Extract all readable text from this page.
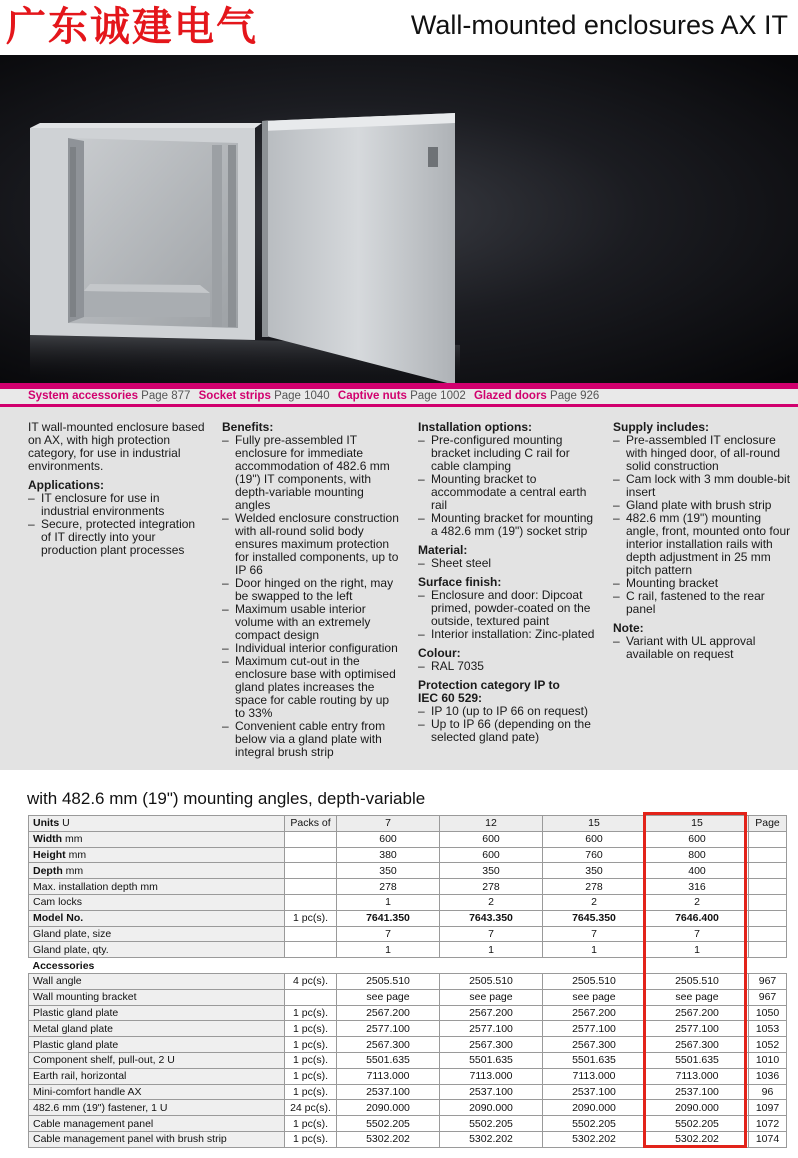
广东诚建电气	Wall-mounted enclosures AX IT
System accessories Page 877 Socket strips Page 1040 Captive nuts Page 1002 Glazed doors Page 926

IT wall-mounted enclosure based on AX, with high protection category, for use in industrial environments.

Applications:
– IT enclosure for use in industrial environments
– Secure, protected integration of IT directly into your production plant processes
Benefits:
– Fully pre-assembled IT enclosure for immediate accommodation of 482.6 mm (19") IT components, with depth-variable mounting angles
– Welded enclosure construction with all-round solid body ensures maximum protection for installed components, up to IP 66
– Door hinged on the right, may be swapped to the left
– Maximum usable interior volume with an extremely compact design
– Individual interior configuration
– Maximum cut-out in the enclosure base with optimised gland plates increases the space for cable routing by up to 33%
– Convenient cable entry from below via a gland plate with integral brush strip
Installation options:
– Pre-configured mounting bracket including C rail for cable clamping
– Mounting bracket to accommodate a central earth rail
– Mounting bracket for mounting a 482.6 mm (19") socket strip
Material:
– Sheet steel
Surface finish:
– Enclosure and door: Dipcoat primed, powder-coated on the outside, textured paint
– Interior installation: Zinc-plated
Colour:
– RAL 7035
Protection category IP to IEC 60 529:
– IP 10 (up to IP 66 on request)
– Up to IP 66 (depending on the selected gland pate)
Supply includes:
– Pre-assembled IT enclosure with hinged door, of all-round solid construction
– Cam lock with 3 mm double-bit insert
– Gland plate with brush strip
– 482.6 mm (19") mounting angle, front, mounted onto four interior installation rails with depth adjustment in 25 mm pitch pattern
– Mounting bracket
– C rail, fastened to the rear panel
Note:
– Variant with UL approval available on request
with 482.6 mm (19") mounting angles, depth-variable
Units U	Packs of	7	12	15	15	Page
Width mm		600	600	600	600	
Height mm		380	600	760	800	
Depth mm		350	350	350	400	
Max. installation depth mm		278	278	278	316	
Cam locks		1	2	2	2	
Model No.	1 pc(s).	7641.350	7643.350	7645.350	7646.400	
Gland plate, size		7	7	7	7	
Gland plate, qty.		1	1	1	1	
Accessories						
Wall angle	4 pc(s).	2505.510	2505.510	2505.510	2505.510	967
Wall mounting bracket		see page	see page	see page	see page	967
Plastic gland plate	1 pc(s).	2567.200	2567.200	2567.200	2567.200	1050
Metal gland plate	1 pc(s).	2577.100	2577.100	2577.100	2577.100	1053
Plastic gland plate	1 pc(s).	2567.300	2567.300	2567.300	2567.300	1052
Component shelf, pull-out, 2 U	1 pc(s).	5501.635	5501.635	5501.635	5501.635	1010
Earth rail, horizontal	1 pc(s).	7113.000	7113.000	7113.000	7113.000	1036
Mini-comfort handle AX	1 pc(s).	2537.100	2537.100	2537.100	2537.100	96
482.6 mm (19") fastener, 1 U	24 pc(s).	2090.000	2090.000	2090.000	2090.000	1097
Cable management panel	1 pc(s).	5502.205	5502.205	5502.205	5502.205	1072
Cable management panel with brush strip	1 pc(s).	5302.202	5302.202	5302.202	5302.202	1074
